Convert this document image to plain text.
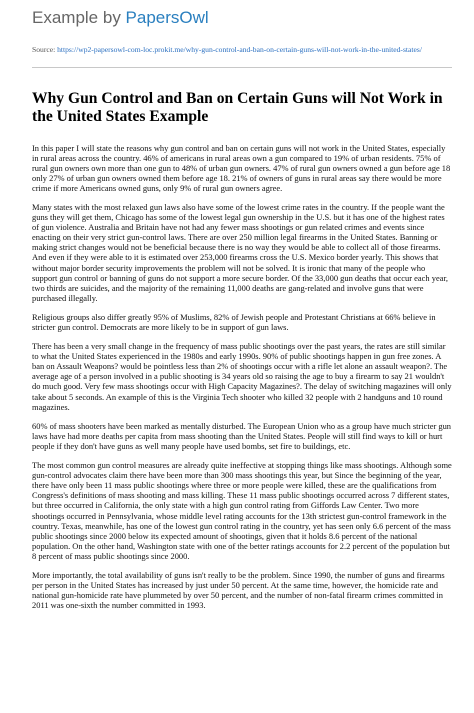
Example by PapersOwl
Source: https://wp2-papersowl-com-loc.prokit.me/why-gun-control-and-ban-on-certain-guns-will-not-work-in-the-united-states/
Why Gun Control and Ban on Certain Guns will Not Work in the United States Example

In this paper I will state the reasons why gun control and ban on certain guns will not work in the United States, especially in rural areas across the country. 46% of americans in rural areas own a gun compared to 19% of urban residents. 75% of rural gun owners own more than one gun to 48% of urban gun owners. 47% of rural gun owners owned a gun before age 18 only 27% of urban gun owners owned them before age 18. 21% of owners of guns in rural areas say there would be more crime if more Americans owned guns, only 9% of rural gun owners agree.

Many states with the most relaxed gun laws also have some of the lowest crime rates in the country. If the people want the guns they will get them, Chicago has some of the lowest legal gun ownership in the U.S. but it has one of the highest rates of gun violence. Australia and Britain have not had any fewer mass shootings or gun related crimes and events since enacting on their very strict gun-control laws. There are over 250 million legal firearms in the United States. Banning or making strict changes would not be beneficial because there is no way they would be able to collect all of those firearms. And even if they were able to it is estimated over 253,000 firearms cross the U.S. Mexico border yearly. This shows that without major border security improvements the problem will not be solved. It is ironic that many of the people who support gun control or banning of guns do not support a more secure border. Of the 33,000 gun deaths that occur each year, two thirds are suicides, and the majority of the remaining 11,000 deaths are gang-related and involve guns that were purchased illegally.

Religious groups also differ greatly 95% of Muslims, 82% of Jewish people and Protestant Christians at 66% believe in stricter gun control. Democrats are more likely to be in support of gun laws.

There has been a very small change in the frequency of mass public shootings over the past years, the rates are still similar to what the United States experienced in the 1980s and early 1990s. 90% of public shootings happen in gun free zones. A ban on Assault Weapons? would be pointless less than 2% of shootings occur with a rifle let alone an assault weapon?. The average age of a person involved in a public shooting is 34 years old so raising the age to buy a firearm to say 21 wouldn't do much good. Very few mass shootings occur with High Capacity Magazines?. The delay of switching magazines will only take about 5 seconds. An example of this is the Virginia Tech shooter who killed 32 people with 2 handguns and 10 round magazines.

60% of mass shooters have been marked as mentally disturbed. The European Union who as a group have much stricter gun laws have had more deaths per capita from mass shooting than the United States. People will still find ways to kill or hurt people if they don't have guns as well many people have used bombs, set fire to buildings, etc.

The most common gun control measures are already quite ineffective at stopping things like mass shootings. Although some gun-control advocates claim there have been more than 300 mass shootings this year, but Since the beginning of the year, there have only been 11 mass public shootings where three or more people were killed, these are the qualifications from Congress's definitions of mass shooting and mass killing. These 11 mass public shootings occurred across 7 different states, but three occurred in California, the only state with a high gun control rating from Giffords Law Center. Two more shootings occurred in Pennsylvania, whose middle level rating accounts for the 13th strictest gun-control framework in the country. Texas, meanwhile, has one of the lowest gun control rating in the country, yet has seen only 6.6 percent of the mass public shootings since 2000 below its expected amount of shootings, given that it holds 8.6 percent of the national population. On the other hand, Washington state with one of the better ratings accounts for 2.2 percent of the population but 8 percent of mass public shootings since 2000.

More importantly, the total availability of guns isn't really to be the problem. Since 1990, the number of guns and firearms per person in the United States has increased by just under 50 percent. At the same time, however, the homicide rate and national gun-homicide rate have plummeted by over 50 percent, and the number of non-fatal firearm crimes committed in 2011 was one-sixth the number committed in 1993.
